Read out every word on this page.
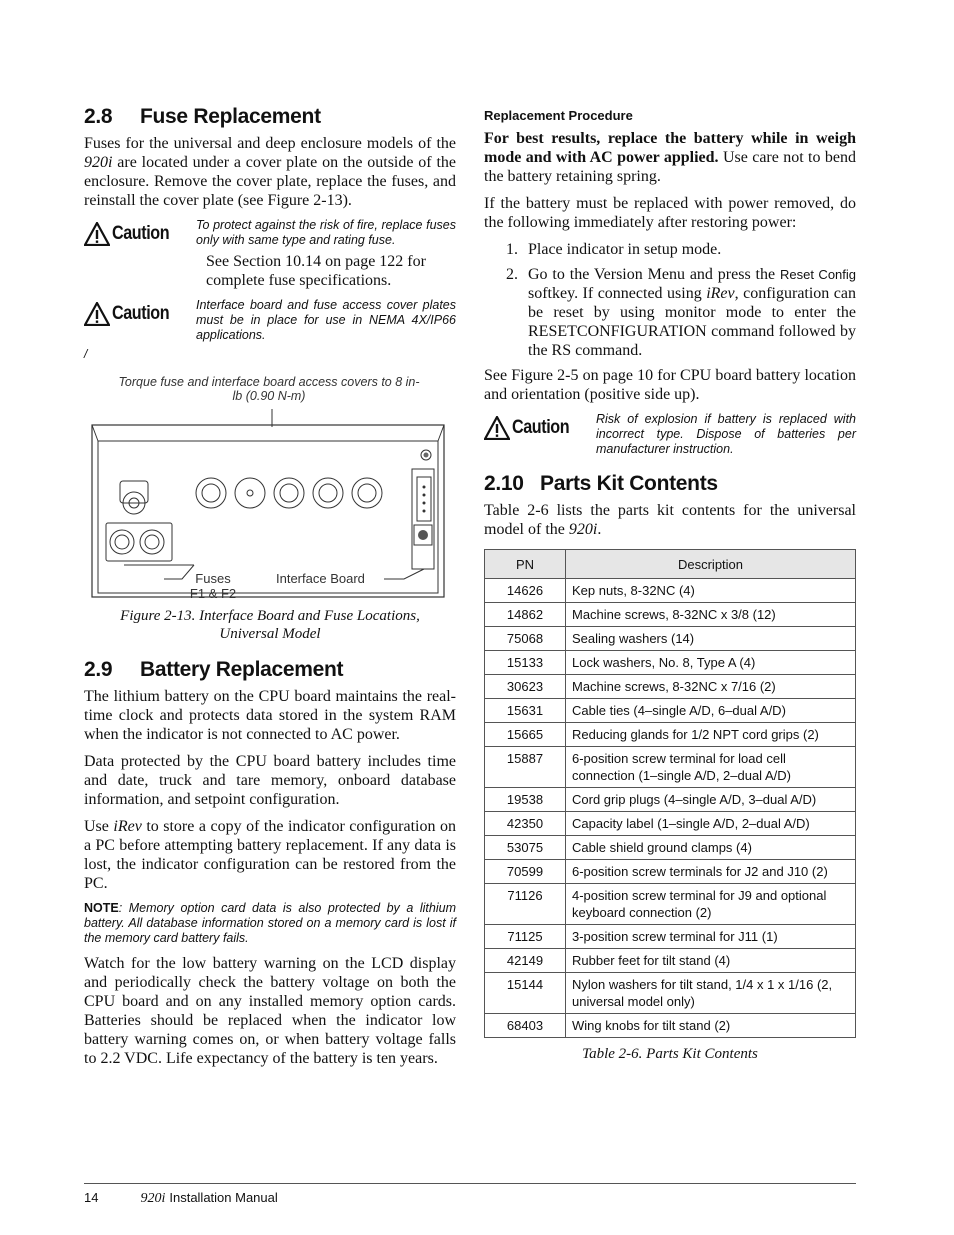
2.8 Fuse Replacement

Fuses for the universal and deep enclosure models of the 920i are located under a cover plate on the outside of the enclosure. Remove the cover plate, replace the fuses, and reinstall the cover plate (see Figure 2-13).

Caution To protect against the risk of fire, replace fuses only with same type and rating fuse.

See Section 10.14 on page 122 for complete fuse specifications.

Caution Interface board and fuse access cover plates must be in place for use in NEMA 4X/IP66 applications.
/
Torque fuse and interface board access covers to 8 in-lb (0.90 N-m)
Fuses
F1 & F2
Interface Board
Figure 2-13. Interface Board and Fuse Locations, Universal Model
2.9 Battery Replacement

The lithium battery on the CPU board maintains the real-time clock and protects data stored in the system RAM when the indicator is not connected to AC power.

Data protected by the CPU board battery includes time and date, truck and tare memory, onboard database information, and setpoint configuration.

Use iRev to store a copy of the indicator configuration on a PC before attempting battery replacement. If any data is lost, the indicator configuration can be restored from the PC.

NOTE: Memory option card data is also protected by a lithium battery. All database information stored on a memory card is lost if the memory card battery fails.

Watch for the low battery warning on the LCD display and periodically check the battery voltage on both the CPU board and on any installed memory option cards. Batteries should be replaced when the indicator low battery warning comes on, or when battery voltage falls to 2.2 VDC. Life expectancy of the battery is ten years.

Replacement Procedure

For best results, replace the battery while in weigh mode and with AC power applied. Use care not to bend the battery retaining spring.

If the battery must be replaced with power removed, do the following immediately after restoring power:

1. Place indicator in setup mode.
2. Go to the Version Menu and press the Reset Config softkey. If connected using iRev, configuration can be reset by using monitor mode to enter the RESETCONFIGURATION command followed by the RS command.

See Figure 2-5 on page 10 for CPU board battery location and orientation (positive side up).

Caution Risk of explosion if battery is replaced with incorrect type. Dispose of batteries per manufacturer instruction.
2.10 Parts Kit Contents

Table 2-6 lists the parts kit contents for the universal model of the 920i.

PN	Description
14626	Kep nuts, 8-32NC (4)
14862	Machine screws, 8-32NC x 3/8 (12)
75068	Sealing washers (14)
15133	Lock washers, No. 8, Type A (4)
30623	Machine screws, 8-32NC x 7/16 (2)
15631	Cable ties (4–single A/D, 6–dual A/D)
15665	Reducing glands for 1/2 NPT cord grips (2)
15887	6-position screw terminal for load cell connection (1–single A/D, 2–dual A/D)
19538	Cord grip plugs (4–single A/D, 3–dual A/D)
42350	Capacity label (1–single A/D, 2–dual A/D)
53075	Cable shield ground clamps (4)
70599	6-position screw terminals for J2 and J10 (2)
71126	4-position screw terminal for J9 and optional keyboard connection (2)
71125	3-position screw terminal for J11 (1)
42149	Rubber feet for tilt stand (4)
15144	Nylon washers for tilt stand, 1/4 x 1 x 1/16 (2, universal model only)
68403	Wing knobs for tilt stand (2)
Table 2-6. Parts Kit Contents
14	920i Installation Manual
